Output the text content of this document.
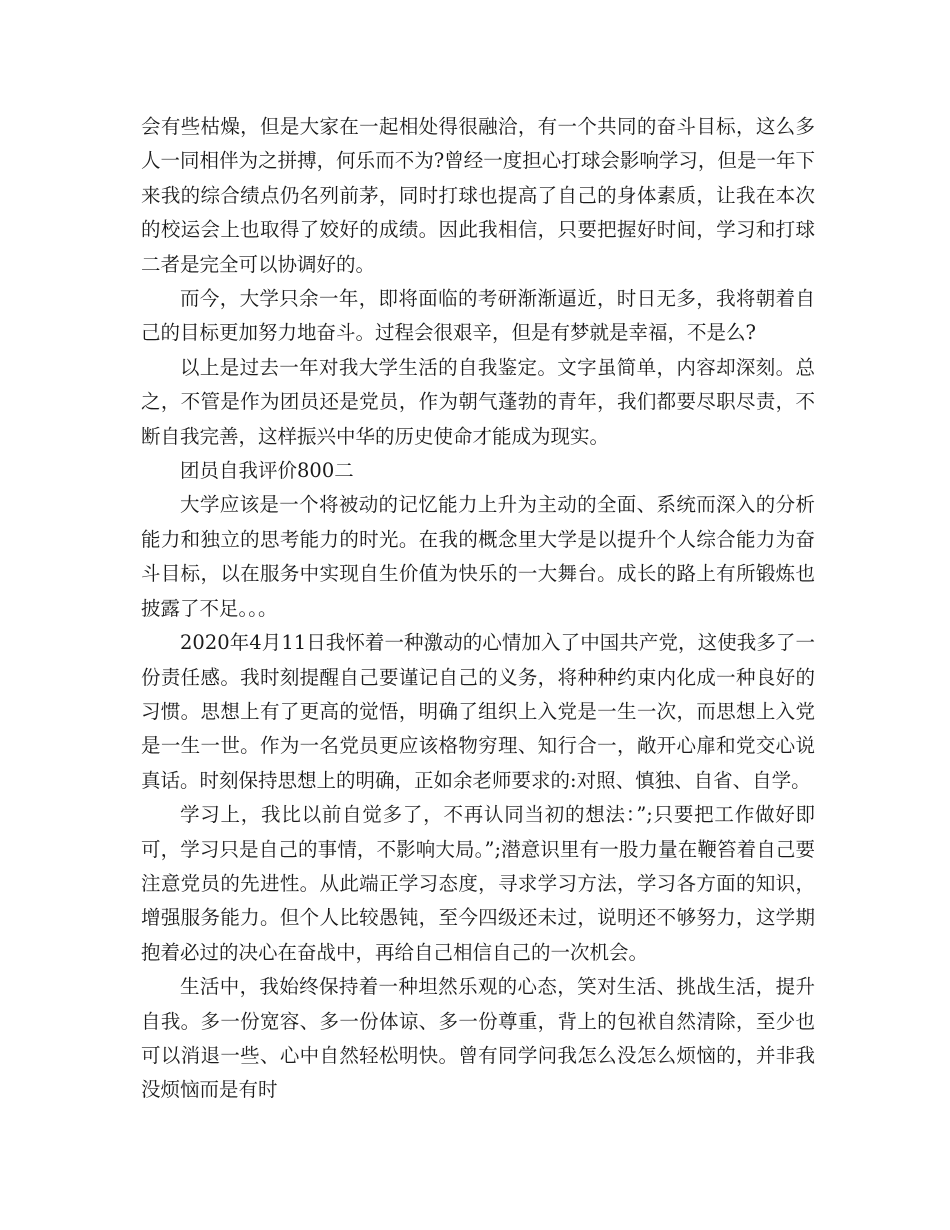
会有些枯燥，但是大家在一起相处得很融洽，有一个共同的奋斗目标，这么多人一同相伴为之拼搏，何乐而不为?曾经一度担心打球会影响学习，但是一年下来我的综合绩点仍名列前茅，同时打球也提高了自己的身体素质，让我在本次的校运会上也取得了姣好的成绩。因此我相信，只要把握好时间，学习和打球二者是完全可以协调好的。

而今，大学只余一年，即将面临的考研渐渐逼近，时日无多，我将朝着自己的目标更加努力地奋斗。过程会很艰辛，但是有梦就是幸福，不是么?

以上是过去一年对我大学生活的自我鉴定。文字虽简单，内容却深刻。总之，不管是作为团员还是党员，作为朝气蓬勃的青年，我们都要尽职尽责，不断自我完善，这样振兴中华的历史使命才能成为现实。

团员自我评价800二

大学应该是一个将被动的记忆能力上升为主动的全面、系统而深入的分析能力和独立的思考能力的时光。在我的概念里大学是以提升个人综合能力为奋斗目标，以在服务中实现自生价值为快乐的一大舞台。成长的路上有所锻炼也披露了不足。。。

2020年4月11日我怀着一种激动的心情加入了中国共产党，这使我多了一份责任感。我时刻提醒自己要谨记自己的义务，将种种约束内化成一种良好的习惯。思想上有了更高的觉悟，明确了组织上入党是一生一次，而思想上入党是一生一世。作为一名党员更应该格物穷理、知行合一，敞开心扉和党交心说真话。时刻保持思想上的明确，正如余老师要求的:对照、慎独、自省、自学。

学习上，我比以前自觉多了，不再认同当初的想法：”;只要把工作做好即可，学习只是自己的事情，不影响大局。”;潜意识里有一股力量在鞭笞着自己要注意党员的先进性。从此端正学习态度，寻求学习方法，学习各方面的知识，增强服务能力。但个人比较愚钝，至今四级还未过，说明还不够努力，这学期抱着必过的决心在奋战中，再给自己相信自己的一次机会。

生活中，我始终保持着一种坦然乐观的心态，笑对生活、挑战生活，提升自我。多一份宽容、多一份体谅、多一份尊重，背上的包袱自然清除，至少也可以消退一些、心中自然轻松明快。曾有同学问我怎么没怎么烦恼的，并非我没烦恼而是有时
